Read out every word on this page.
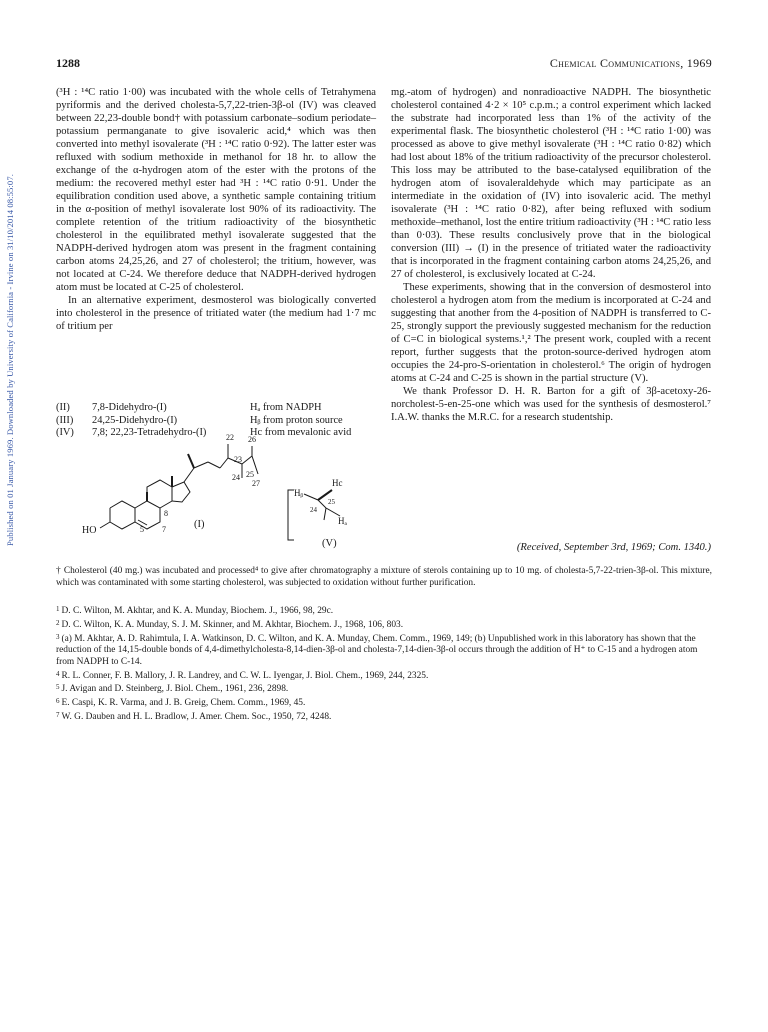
Published on 01 January 1969. Downloaded by University of California - Irvine on 31/10/2014 08:55:07.
1288	Chemical Communications, 1969

(³H : ¹⁴C ratio 1·00) was incubated with the whole cells of Tetrahymena pyriformis and the derived cholesta-5,7,22-trien-3β-ol (IV) was cleaved between 22,23-double bond† with potassium carbonate–sodium periodate–potassium permanganate to give isovaleric acid,⁴ which was then converted into methyl isovalerate (³H : ¹⁴C ratio 0·92). The latter ester was refluxed with sodium methoxide in methanol for 18 hr. to allow the exchange of the α-hydrogen atom of the ester with the protons of the medium: the recovered methyl ester had ³H : ¹⁴C ratio 0·91. Under the equilibration condition used above, a synthetic sample containing tritium in the α-position of methyl isovalerate lost 90% of its radioactivity. The complete retention of the tritium radioactivity of the biosynthetic cholesterol in the equilibrated methyl isovalerate suggested that the NADPH-derived hydrogen atom was present in the fragment containing carbon atoms 24,25,26, and 27 of cholesterol; the tritium, however, was not located at C-24. We therefore deduce that NADPH-derived hydrogen atom must be located at C-25 of cholesterol.

In an alternative experiment, desmosterol was biologically converted into cholesterol in the presence of tritiated water (the medium had 1·7 mc of tritium per

(II)	7,8-Didehydro-(I)	Hₐ from NADPH
(III)	24,25-Didehydro-(I)	Hᵦ from proton source
(IV)	7,8; 22,23-Tetradehydro-(I)	Hc from mevalonic avid
22
23
26
24 25
27
8
7
5
HO
(I)
Hᵦ
Hc
Hₐ
24
25
(V)

mg.-atom of hydrogen) and nonradioactive NADPH. The biosynthetic cholesterol contained 4·2 × 10⁵ c.p.m.; a control experiment which lacked the substrate had incorporated less than 1% of the activity of the experimental flask. The biosynthetic cholesterol (³H : ¹⁴C ratio 1·00) was processed as above to give methyl isovalerate (³H : ¹⁴C ratio 0·82) which had lost about 18% of the tritium radioactivity of the precursor cholesterol. This loss may be attributed to the base-catalysed equilibration of the hydrogen atom of isovaleraldehyde which may participate as an intermediate in the oxidation of (IV) into isovaleric acid. The methyl isovalerate (³H : ¹⁴C ratio 0·82), after being refluxed with sodium methoxide–methanol, lost the entire tritium radioactivity (³H : ¹⁴C ratio less than 0·03). These results conclusively prove that in the biological conversion (III) → (I) in the presence of tritiated water the radioactivity that is incorporated in the fragment containing carbon atoms 24,25,26, and 27 of cholesterol, is exclusively located at C-24.

These experiments, showing that in the conversion of desmosterol into cholesterol a hydrogen atom from the medium is incorporated at C-24 and suggesting that another from the 4-position of NADPH is transferred to C-25, strongly support the previously suggested mechanism for the reduction of C=C in biological systems.¹,² The present work, coupled with a recent report, further suggests that the proton-source-derived hydrogen atom occupies the 24-pro-S-orientation in cholesterol.⁶ The origin of hydrogen atoms at C-24 and C-25 is shown in the partial structure (V).

We thank Professor D. H. R. Barton for a gift of 3β-acetoxy-26-norcholest-5-en-25-one which was used for the synthesis of desmosterol.⁷ I.A.W. thanks the M.R.C. for a research studentship.

(Received, September 3rd, 1969; Com. 1340.)
† Cholesterol (40 mg.) was incubated and processed⁴ to give after chromatography a mixture of sterols containing up to 10 mg. of cholesta-5,7-22-trien-3β-ol. This mixture, which was contaminated with some starting cholesterol, was subjected to oxidation without further purification.

$^1$ D. C. Wilton, M. Akhtar, and K. A. Munday, Biochem. J., 1966, 98, 29c.

$^2$ D. C. Wilton, K. A. Munday, S. J. M. Skinner, and M. Akhtar, Biochem. J., 1968, 106, 803.

$^3$ (a) M. Akhtar, A. D. Rahimtula, I. A. Watkinson, D. C. Wilton, and K. A. Munday, Chem. Comm., 1969, 149; (b) Unpublished work in this laboratory has shown that the reduction of the 14,15-double bonds of 4,4-dimethylcholesta-8,14-dien-3β-ol and cholesta-7,14-dien-3β-ol occurs through the addition of H⁺ to C-15 and a hydrogen atom from NADPH to C-14.

$^4$ R. L. Conner, F. B. Mallory, J. R. Landrey, and C. W. L. Iyengar, J. Biol. Chem., 1969, 244, 2325.

$^5$ J. Avigan and D. Steinberg, J. Biol. Chem., 1961, 236, 2898.

$^6$ E. Caspi, K. R. Varma, and J. B. Greig, Chem. Comm., 1969, 45.

$^7$ W. G. Dauben and H. L. Bradlow, J. Amer. Chem. Soc., 1950, 72, 4248.
